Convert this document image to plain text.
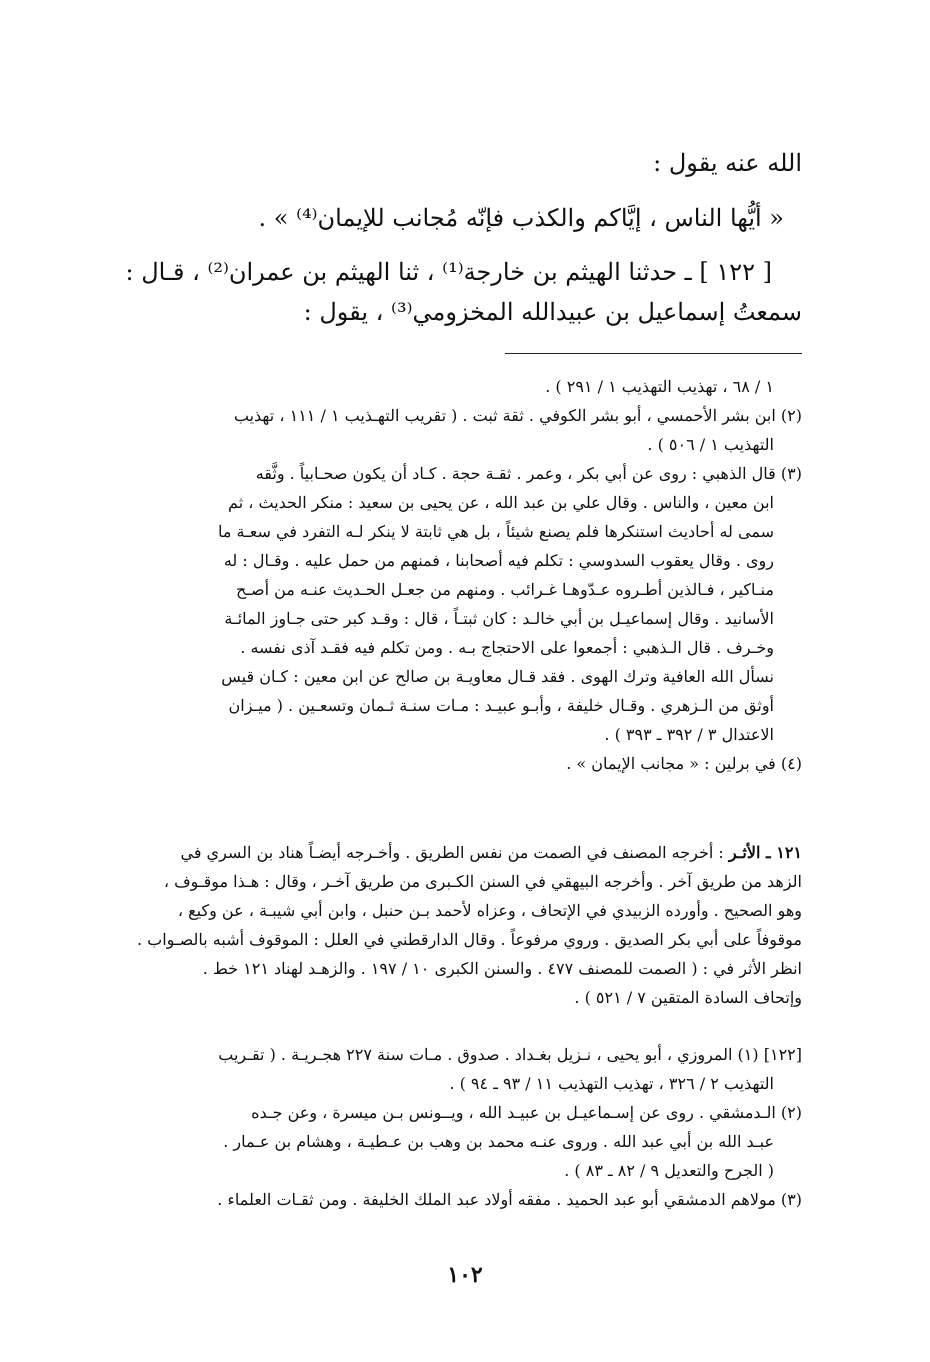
الله عنه يقول :

« أيُّها الناس ، إيَّاكم والكذب فإنّه مُجانب للإيمان⁽⁴⁾ » .

[ ١٢٢ ] ـ حدثنا الهيثم بن خارجة⁽¹⁾ ، ثنا الهيثم بن عمران⁽²⁾ ، قـال :

سمعتُ إسماعيل بن عبيدالله المخزومي⁽³⁾ ، يقول :

١ / ٦٨ ، تهذيب التهذيب ١ / ٢٩١ ) .
(٢) ابن بشر الأحمسي ، أبو بشر الكوفي . ثقة ثبت . ( تقريب التهـذيب ١ / ١١١ ، تهذيب
التهذيب ١ / ٥٠٦ ) .
(٣) قال الذهبي : روى عن أبي بكر ، وعمر . ثقـة حجة . كـاد أن يكون صحـابياً . وثَّقه
ابن معين ، والناس . وقال علي بن عبد الله ، عن يحيى بن سعيد : منكر الحديث ، ثم
سمى له أحاديث استنكرها فلم يصنع شيئاً ، بل هي ثابتة لا ينكر لـه التفرد في سعـة ما
روى . وقال يعقوب السدوسي : تكلم فيه أصحابنا ، فمنهم من حمل عليه . وقـال : له
منـاكير ، فـالذين أطـروه عـدّوهـا غـرائب . ومنهم من جعـل الحـديث عنـه من أصـح
الأسانيد . وقال إسماعيـل بن أبي خالـد : كان ثبتـاً ، قال : وقـد كبر حتى جـاوز المائـة
وخـرف . قال الـذهبي : أجمعوا على الاحتجاج بـه . ومن تكلم فيه فقـد آذى نفسه .
نسأل الله العافية وترك الهوى . فقد قـال معاويـة بن صالح عن ابن معين : كـان قيس
أوثق من الـزهري . وقـال خليفة ، وأبـو عبيـد : مـات سنـة ثـمان وتسعـين . ( ميـزان
الاعتدال ٣ / ٣٩٢ ـ ٣٩٣ ) .
(٤) في برلين : « مجانب الإيمان » .
١٢١ ـ الأثـر : أخرجه المصنف في الصمت من نفس الطريق . وأخـرجه أيضـاً هناد بن السري في
الزهد من طريق آخر . وأخرجه البيهقي في السنن الكـبرى من طريق آخـر ، وقال : هـذا موقـوف ،
وهو الصحيح . وأورده الزبيدي في الإتحاف ، وعزاه لأحمد بـن حنبل ، وابن أبي شيبـة ، عن وكيع ،
موقوفاً على أبي بكر الصديق . وروي مرفوعاً . وقال الدارقطني في العلل : الموقوف أشبه بالصـواب .
انظر الأثر في : ( الصمت للمصنف ٤٧٧ . والسنن الكبرى ١٠ / ١٩٧ . والزهـد لهناد ١٢١ خط .
وإتحاف السادة المتقين ٧ / ٥٢١ ) .
[١٢٢] (١) المروزي ، أبو يحيى ، نـزيل بغـداد . صدوق . مـات سنة ٢٢٧ هجـريـة . ( تقـريب
التهذيب ٢ / ٣٢٦ ، تهذيب التهذيب ١١ / ٩٣ ـ ٩٤ ) .
(٢) الـدمشقي . روى عن إسـماعيـل بن عبيـد الله ، ويــونس بـن ميسرة ، وعن جـده
عبـد الله بن أبي عبد الله . وروى عنـه محمد بن وهب بن عـطيـة ، وهشام بن عـمار .
( الجرح والتعديل ٩ / ٨٢ ـ ٨٣ ) .
(٣) مولاهم الدمشقي أبو عبد الحميد . مفقه أولاد عبد الملك الخليفة . ومن ثقـات العلماء .
١٠٢
